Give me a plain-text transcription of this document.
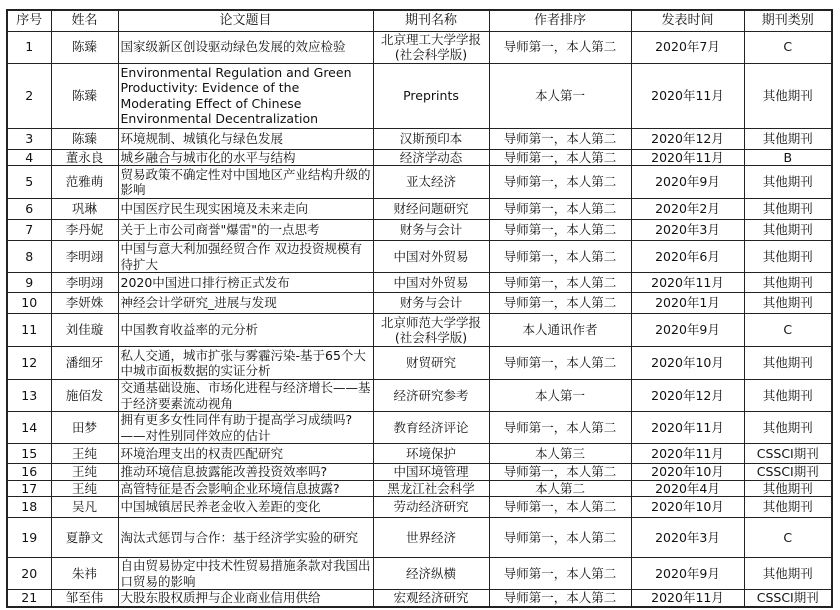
序号	姓名	论文题目	期刊名称	作者排序	发表时间	期刊类别
1	陈臻	国家级新区创设驱动绿色发展的效应检验	北京理工大学学报(社会科学版)	导师第一，本人第二	2020年7月	C
2	陈臻	Environmental Regulation and Green Productivity: Evidence of the Moderating Effect of Chinese Environmental Decentralization	Preprints	本人第一	2020年11月	其他期刊
3	陈臻	环境规制、城镇化与绿色发展	汉斯预印本	导师第一，本人第二	2020年12月	其他期刊
4	董永良	城乡融合与城市化的水平与结构	经济学动态	导师第一，本人第二	2020年11月	B
5	范雅萌	贸易政策不确定性对中国地区产业结构升级的影响	亚太经济	导师第一，本人第二	2020年9月	其他期刊
6	巩琳	中国医疗民生现实困境及未来走向	财经问题研究	导师第一，本人第二	2020年2月	其他期刊
7	李丹妮	关于上市公司商誉"爆雷"的一点思考	财务与会计	导师第一，本人第二	2020年3月	其他期刊
8	李明翊	中国与意大利加强经贸合作 双边投资规模有待扩大	中国对外贸易	导师第一，本人第二	2020年6月	其他期刊
9	李明翊	2020中国进口排行榜正式发布	中国对外贸易	导师第一，本人第二	2020年11月	其他期刊
10	李妍姝	神经会计学研究_进展与发现	财务与会计	导师第一，本人第二	2020年1月	其他期刊
11	刘佳璇	中国教育收益率的元分析	北京师范大学学报(社会科学版)	本人通讯作者	2020年9月	C
12	潘细牙	私人交通，城市扩张与雾霾污染-基于65个大中城市面板数据的实证分析	财贸研究	导师第一，本人第二	2020年10月	其他期刊
13	施佰发	交通基础设施、市场化进程与经济增长——基于经济要素流动视角	经济研究参考	本人第一	2020年12月	其他期刊
14	田梦	拥有更多女性同伴有助于提高学习成绩吗?——对性别同伴效应的估计	教育经济评论	导师第一，本人第二	2020年11月	其他期刊
15	王纯	环境治理支出的权责匹配研究	环境保护	本人第三	2020年11月	CSSCI期刊
16	王纯	推动环境信息披露能改善投资效率吗?	中国环境管理	导师第一，本人第二	2020年10月	CSSCI期刊
17	王纯	高管特征是否会影响企业环境信息披露?	黑龙江社会科学	本人第二	2020年4月	其他期刊
18	吴凡	中国城镇居民养老金收入差距的变化	劳动经济研究	导师第一，本人第二	2020年10月	其他期刊
19	夏静文	淘汰式惩罚与合作：基于经济学实验的研究	世界经济	导师第一，本人第二	2020年3月	C
20	朱祎	自由贸易协定中技术性贸易措施条款对我国出口贸易的影响	经济纵横	导师第一，本人第二	2020年9月	其他期刊
21	邹至伟	大股东股权质押与企业商业信用供给	宏观经济研究	导师第一，本人第二	2020年11月	CSSCI期刊
